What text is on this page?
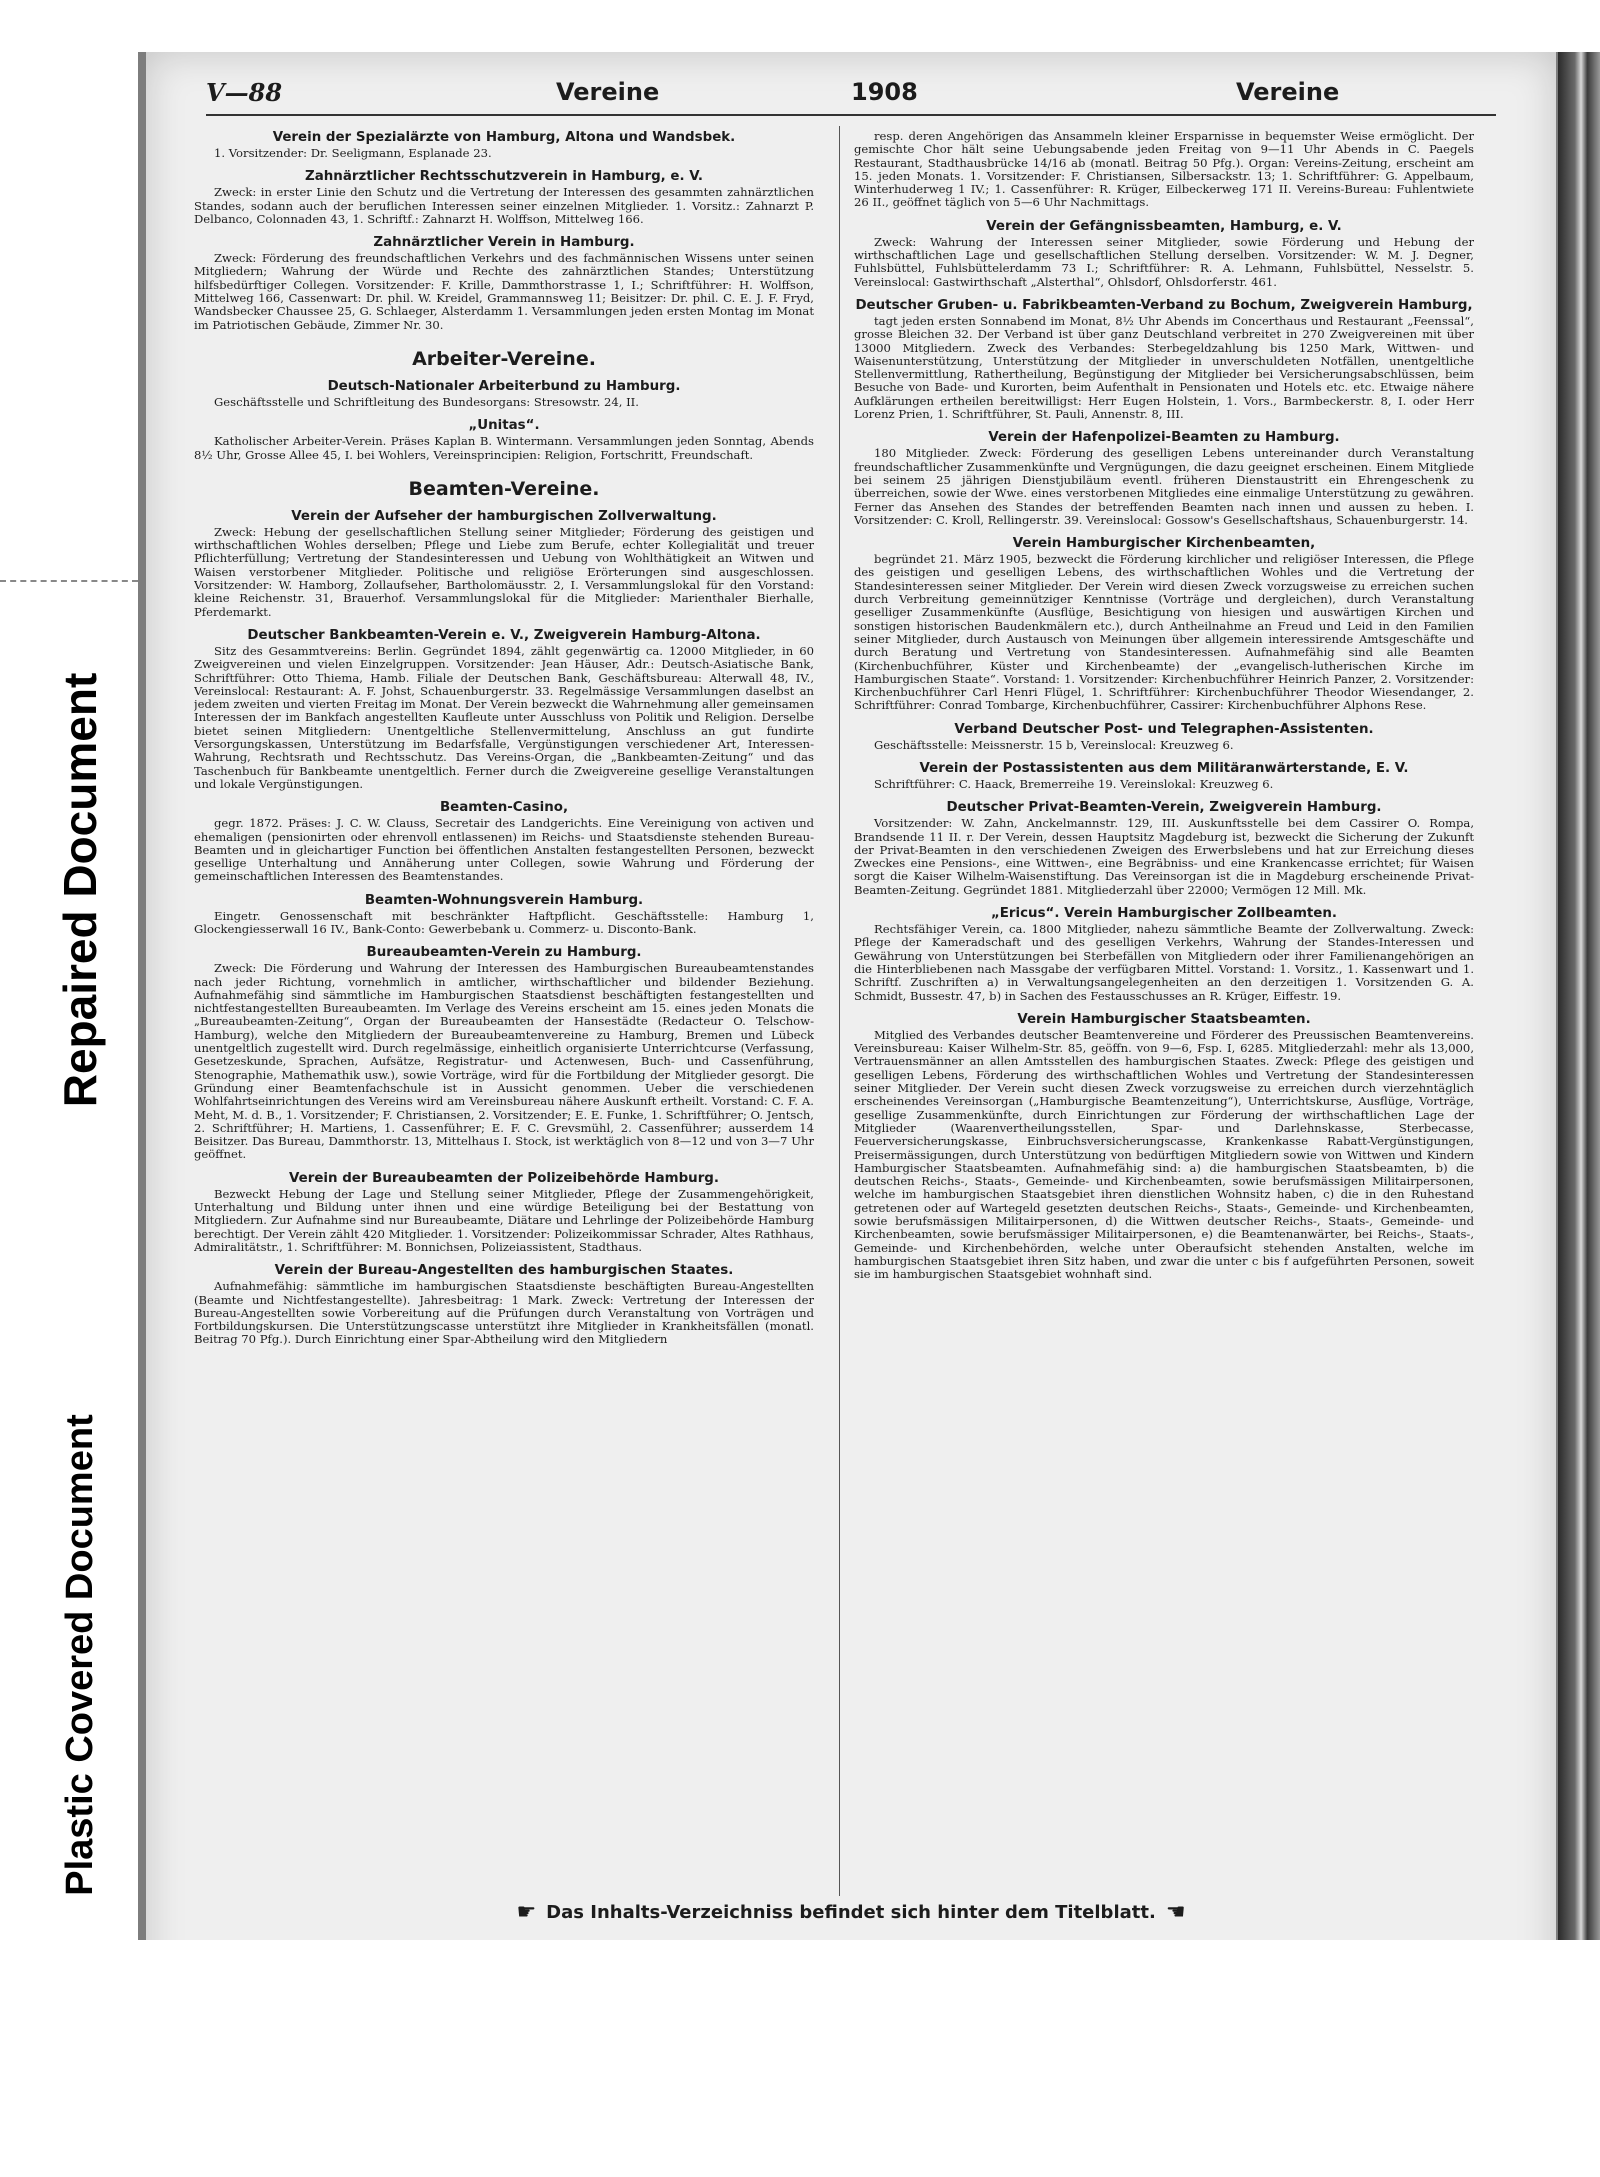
Repaired Document
Plastic Covered Document
V—88	Vereine	1908	Vereine
Verein der Spezialärzte von Hamburg, Altona und Wandsbek.

1. Vorsitzender: Dr. Seeligmann, Esplanade 23.

Zahnärztlicher Rechtsschutzverein in Hamburg, e. V.

Zweck: in erster Linie den Schutz und die Vertretung der Interessen des gesammten zahnärztlichen Standes, sodann auch der beruflichen Interessen seiner einzelnen Mitglieder. 1. Vorsitz.: Zahnarzt P. Delbanco, Colonnaden 43, 1. Schriftf.: Zahnarzt H. Wolffson, Mittelweg 166.

Zahnärztlicher Verein in Hamburg.

Zweck: Förderung des freundschaftlichen Verkehrs und des fachmännischen Wissens unter seinen Mitgliedern; Wahrung der Würde und Rechte des zahnärztlichen Standes; Unterstützung hilfsbedürftiger Collegen. Vorsitzender: F. Krille, Dammthorstrasse 1, I.; Schriftführer: H. Wolffson, Mittelweg 166, Cassenwart: Dr. phil. W. Kreidel, Grammannsweg 11; Beisitzer: Dr. phil. C. E. J. F. Fryd, Wandsbecker Chaussee 25, G. Schlaeger, Alsterdamm 1. Versammlungen jeden ersten Montag im Monat im Patriotischen Gebäude, Zimmer Nr. 30.

Arbeiter-Vereine.
Deutsch-Nationaler Arbeiterbund zu Hamburg.

Geschäftsstelle und Schriftleitung des Bundesorgans: Stresowstr. 24, II.

„Unitas“.

Katholischer Arbeiter-Verein. Präses Kaplan B. Wintermann. Versammlungen jeden Sonntag, Abends 8½ Uhr, Grosse Allee 45, I. bei Wohlers, Vereinsprincipien: Religion, Fortschritt, Freundschaft.

Beamten-Vereine.
Verein der Aufseher der hamburgischen Zollverwaltung.

Zweck: Hebung der gesellschaftlichen Stellung seiner Mitglieder; Förderung des geistigen und wirthschaftlichen Wohles derselben; Pflege und Liebe zum Berufe, echter Kollegialität und treuer Pflichterfüllung; Vertretung der Standesinteressen und Uebung von Wohlthätigkeit an Witwen und Waisen verstorbener Mitglieder. Politische und religiöse Erörterungen sind ausgeschlossen. Vorsitzender: W. Hamborg, Zollaufseher, Bartholomäusstr. 2, I. Versammlungslokal für den Vorstand: kleine Reichenstr. 31, Brauerhof. Versammlungslokal für die Mitglieder: Marienthaler Bierhalle, Pferdemarkt.

Deutscher Bankbeamten-Verein e. V., Zweigverein Hamburg-Altona.

Sitz des Gesammtvereins: Berlin. Gegründet 1894, zählt gegenwärtig ca. 12000 Mitglieder, in 60 Zweigvereinen und vielen Einzelgruppen. Vorsitzender: Jean Häuser, Adr.: Deutsch-Asiatische Bank, Schriftführer: Otto Thiema, Hamb. Filiale der Deutschen Bank, Geschäftsbureau: Alterwall 48, IV., Vereinslocal: Restaurant: A. F. Johst, Schauenburgerstr. 33. Regelmässige Versammlungen daselbst an jedem zweiten und vierten Freitag im Monat. Der Verein bezweckt die Wahrnehmung aller gemeinsamen Interessen der im Bankfach angestellten Kaufleute unter Ausschluss von Politik und Religion. Derselbe bietet seinen Mitgliedern: Unentgeltliche Stellenvermittelung, Anschluss an gut fundirte Versorgungskassen, Unterstützung im Bedarfsfalle, Vergünstigungen verschiedener Art, Interessen-Wahrung, Rechtsrath und Rechtsschutz. Das Vereins-Organ, die „Bankbeamten-Zeitung“ und das Taschenbuch für Bankbeamte unentgeltlich. Ferner durch die Zweigvereine gesellige Veranstaltungen und lokale Vergünstigungen.

Beamten-Casino,

gegr. 1872. Präses: J. C. W. Clauss, Secretair des Landgerichts. Eine Vereinigung von activen und ehemaligen (pensionirten oder ehrenvoll entlassenen) im Reichs- und Staatsdienste stehenden Bureau-Beamten und in gleichartiger Function bei öffentlichen Anstalten festangestellten Personen, bezweckt gesellige Unterhaltung und Annäherung unter Collegen, sowie Wahrung und Förderung der gemeinschaftlichen Interessen des Beamtenstandes.

Beamten-Wohnungsverein Hamburg.

Eingetr. Genossenschaft mit beschränkter Haftpflicht. Geschäftsstelle: Hamburg 1, Glockengiesserwall 16 IV., Bank-Conto: Gewerbebank u. Commerz- u. Disconto-Bank.

Bureaubeamten-Verein zu Hamburg.

Zweck: Die Förderung und Wahrung der Interessen des Hamburgischen Bureaubeamtenstandes nach jeder Richtung, vornehmlich in amtlicher, wirthschaftlicher und bildender Beziehung. Aufnahmefähig sind sämmtliche im Hamburgischen Staatsdienst beschäftigten festangestellten und nichtfestangestellten Bureaubeamten. Im Verlage des Vereins erscheint am 15. eines jeden Monats die „Bureaubeamten-Zeitung“, Organ der Bureaubeamten der Hansestädte (Redacteur O. Telschow-Hamburg), welche den Mitgliedern der Bureaubeamtenvereine zu Hamburg, Bremen und Lübeck unentgeltlich zugestellt wird. Durch regelmässige, einheitlich organisierte Unterrichtcurse (Verfassung, Gesetzeskunde, Sprachen, Aufsätze, Registratur- und Actenwesen, Buch- und Cassenführung, Stenographie, Mathemathik usw.), sowie Vorträge, wird für die Fortbildung der Mitglieder gesorgt. Die Gründung einer Beamtenfachschule ist in Aussicht genommen. Ueber die verschiedenen Wohlfahrtseinrichtungen des Vereins wird am Vereinsbureau nähere Auskunft ertheilt. Vorstand: C. F. A. Meht, M. d. B., 1. Vorsitzender; F. Christiansen, 2. Vorsitzender; E. E. Funke, 1. Schriftführer; O. Jentsch, 2. Schriftführer; H. Martiens, 1. Cassenführer; E. F. C. Grevsmühl, 2. Cassenführer; ausserdem 14 Beisitzer. Das Bureau, Dammthorstr. 13, Mittelhaus I. Stock, ist werktäglich von 8—12 und von 3—7 Uhr geöffnet.

Verein der Bureaubeamten der Polizeibehörde Hamburg.

Bezweckt Hebung der Lage und Stellung seiner Mitglieder, Pflege der Zusammengehörigkeit, Unterhaltung und Bildung unter ihnen und eine würdige Beteiligung bei der Bestattung von Mitgliedern. Zur Aufnahme sind nur Bureaubeamte, Diätare und Lehrlinge der Polizeibehörde Hamburg berechtigt. Der Verein zählt 420 Mitglieder. 1. Vorsitzender: Polizeikommissar Schrader, Altes Rathhaus, Admiralitätstr., 1. Schriftführer: M. Bonnichsen, Polizeiassistent, Stadthaus.

Verein der Bureau-Angestellten des hamburgischen Staates.

Aufnahmefähig: sämmtliche im hamburgischen Staatsdienste beschäftigten Bureau-Angestellten (Beamte und Nichtfestangestellte). Jahresbeitrag: 1 Mark. Zweck: Vertretung der Interessen der Bureau-Angestellten sowie Vorbereitung auf die Prüfungen durch Veranstaltung von Vorträgen und Fortbildungskursen. Die Unterstützungscasse unterstützt ihre Mitglieder in Krankheitsfällen (monatl. Beitrag 70 Pfg.). Durch Einrichtung einer Spar-Abtheilung wird den Mitgliedern

resp. deren Angehörigen das Ansammeln kleiner Ersparnisse in bequemster Weise ermöglicht. Der gemischte Chor hält seine Uebungsabende jeden Freitag von 9—11 Uhr Abends in C. Paegels Restaurant, Stadthausbrücke 14/16 ab (monatl. Beitrag 50 Pfg.). Organ: Vereins-Zeitung, erscheint am 15. jeden Monats. 1. Vorsitzender: F. Christiansen, Silbersackstr. 13; 1. Schriftführer: G. Appelbaum, Winterhuderweg 1 IV.; 1. Cassenführer: R. Krüger, Eilbeckerweg 171 II. Vereins-Bureau: Fuhlentwiete 26 II., geöffnet täglich von 5—6 Uhr Nachmittags.

Verein der Gefängnissbeamten, Hamburg, e. V.

Zweck: Wahrung der Interessen seiner Mitglieder, sowie Förderung und Hebung der wirthschaftlichen Lage und gesellschaftlichen Stellung derselben. Vorsitzender: W. M. J. Degner, Fuhlsbüttel, Fuhlsbüttelerdamm 73 I.; Schriftführer: R. A. Lehmann, Fuhlsbüttel, Nesselstr. 5. Vereinslocal: Gastwirthschaft „Alsterthal“, Ohlsdorf, Ohlsdorferstr. 461.

Deutscher Gruben- u. Fabrikbeamten-Verband zu Bochum, Zweigverein Hamburg,

tagt jeden ersten Sonnabend im Monat, 8½ Uhr Abends im Concerthaus und Restaurant „Feenssal“, grosse Bleichen 32. Der Verband ist über ganz Deutschland verbreitet in 270 Zweigvereinen mit über 13000 Mitgliedern. Zweck des Verbandes: Sterbegeldzahlung bis 1250 Mark, Wittwen- und Waisenunterstützung, Unterstützung der Mitglieder in unverschuldeten Notfällen, unentgeltliche Stellenvermittlung, Rathertheilung, Begünstigung der Mitglieder bei Versicherungsabschlüssen, beim Besuche von Bade- und Kurorten, beim Aufenthalt in Pensionaten und Hotels etc. etc. Etwaige nähere Aufklärungen ertheilen bereitwilligst: Herr Eugen Holstein, 1. Vors., Barmbeckerstr. 8, I. oder Herr Lorenz Prien, 1. Schriftführer, St. Pauli, Annenstr. 8, III.

Verein der Hafenpolizei-Beamten zu Hamburg.

180 Mitglieder. Zweck: Förderung des geselligen Lebens untereinander durch Veranstaltung freundschaftlicher Zusammenkünfte und Vergnügungen, die dazu geeignet erscheinen. Einem Mitgliede bei seinem 25 jährigen Dienstjubiläum eventl. früheren Dienstaustritt ein Ehrengeschenk zu überreichen, sowie der Wwe. eines verstorbenen Mitgliedes eine einmalige Unterstützung zu gewähren. Ferner das Ansehen des Standes der betreffenden Beamten nach innen und aussen zu heben. I. Vorsitzender: C. Kroll, Rellingerstr. 39. Vereinslocal: Gossow's Gesellschaftshaus, Schauenburgerstr. 14.

Verein Hamburgischer Kirchenbeamten,

begründet 21. März 1905, bezweckt die Förderung kirchlicher und religiöser Interessen, die Pflege des geistigen und geselligen Lebens, des wirthschaftlichen Wohles und die Vertretung der Standesinteressen seiner Mitglieder. Der Verein wird diesen Zweck vorzugsweise zu erreichen suchen durch Verbreitung gemeinnütziger Kenntnisse (Vorträge und dergleichen), durch Veranstaltung geselliger Zusammenkünfte (Ausflüge, Besichtigung von hiesigen und auswärtigen Kirchen und sonstigen historischen Baudenkmälern etc.), durch Antheilnahme an Freud und Leid in den Familien seiner Mitglieder, durch Austausch von Meinungen über allgemein interessirende Amtsgeschäfte und durch Beratung und Vertretung von Standesinteressen. Aufnahmefähig sind alle Beamten (Kirchenbuchführer, Küster und Kirchenbeamte) der „evangelisch-lutherischen Kirche im Hamburgischen Staate“. Vorstand: 1. Vorsitzender: Kirchenbuchführer Heinrich Panzer, 2. Vorsitzender: Kirchenbuchführer Carl Henri Flügel, 1. Schriftführer: Kirchenbuchführer Theodor Wiesendanger, 2. Schriftführer: Conrad Tombarge, Kirchenbuchführer, Cassirer: Kirchenbuchführer Alphons Rese.

Verband Deutscher Post- und Telegraphen-Assistenten.

Geschäftsstelle: Meissnerstr. 15 b, Vereinslocal: Kreuzweg 6.

Verein der Postassistenten aus dem Militäranwärterstande, E. V.

Schriftführer: C. Haack, Bremerreihe 19. Vereinslokal: Kreuzweg 6.

Deutscher Privat-Beamten-Verein, Zweigverein Hamburg.

Vorsitzender: W. Zahn, Anckelmannstr. 129, III. Auskunftsstelle bei dem Cassirer O. Rompa, Brandsende 11 II. r. Der Verein, dessen Hauptsitz Magdeburg ist, bezweckt die Sicherung der Zukunft der Privat-Beamten in den verschiedenen Zweigen des Erwerbslebens und hat zur Erreichung dieses Zweckes eine Pensions-, eine Wittwen-, eine Begräbniss- und eine Krankencasse errichtet; für Waisen sorgt die Kaiser Wilhelm-Waisenstiftung. Das Vereinsorgan ist die in Magdeburg erscheinende Privat-Beamten-Zeitung. Gegründet 1881. Mitgliederzahl über 22000; Vermögen 12 Mill. Mk.

„Ericus“. Verein Hamburgischer Zollbeamten.

Rechtsfähiger Verein, ca. 1800 Mitglieder, nahezu sämmtliche Beamte der Zollverwaltung. Zweck: Pflege der Kameradschaft und des geselligen Verkehrs, Wahrung der Standes-Interessen und Gewährung von Unterstützungen bei Sterbefällen von Mitgliedern oder ihrer Familienangehörigen an die Hinterbliebenen nach Massgabe der verfügbaren Mittel. Vorstand: 1. Vorsitz., 1. Kassenwart und 1. Schriftf. Zuschriften a) in Verwaltungsangelegenheiten an den derzeitigen 1. Vorsitzenden G. A. Schmidt, Bussestr. 47, b) in Sachen des Festausschusses an R. Krüger, Eiffestr. 19.

Verein Hamburgischer Staatsbeamten.

Mitglied des Verbandes deutscher Beamtenvereine und Förderer des Preussischen Beamtenvereins. Vereinsbureau: Kaiser Wilhelm-Str. 85, geöffn. von 9—6, Fsp. I, 6285. Mitgliederzahl: mehr als 13,000, Vertrauensmänner an allen Amtsstellen des hamburgischen Staates. Zweck: Pflege des geistigen und geselligen Lebens, Förderung des wirthschaftlichen Wohles und Vertretung der Standesinteressen seiner Mitglieder. Der Verein sucht diesen Zweck vorzugsweise zu erreichen durch vierzehntäglich erscheinendes Vereinsorgan („Hamburgische Beamtenzeitung“), Unterrichtskurse, Ausflüge, Vorträge, gesellige Zusammenkünfte, durch Einrichtungen zur Förderung der wirthschaftlichen Lage der Mitglieder (Waarenvertheilungsstellen, Spar- und Darlehnskasse, Sterbecasse, Feuerversicherungskasse, Einbruchsversicherungscasse, Krankenkasse Rabatt-Vergünstigungen, Preisermässigungen, durch Unterstützung von bedürftigen Mitgliedern sowie von Wittwen und Kindern Hamburgischer Staatsbeamten. Aufnahmefähig sind: a) die hamburgischen Staatsbeamten, b) die deutschen Reichs-, Staats-, Gemeinde- und Kirchenbeamten, sowie berufsmässigen Militairpersonen, welche im hamburgischen Staatsgebiet ihren dienstlichen Wohnsitz haben, c) die in den Ruhestand getretenen oder auf Wartegeld gesetzten deutschen Reichs-, Staats-, Gemeinde- und Kirchenbeamten, sowie berufsmässigen Militairpersonen, d) die Wittwen deutscher Reichs-, Staats-, Gemeinde- und Kirchenbeamten, sowie berufsmässiger Militairpersonen, e) die Beamtenanwärter, bei Reichs-, Staats-, Gemeinde- und Kirchenbehörden, welche unter Oberaufsicht stehenden Anstalten, welche im hamburgischen Staatsgebiet ihren Sitz haben, und zwar die unter c bis f aufgeführten Personen, soweit sie im hamburgischen Staatsgebiet wohnhaft sind.

☛ Das Inhalts-Verzeichniss befindet sich hinter dem Titelblatt. ☚
